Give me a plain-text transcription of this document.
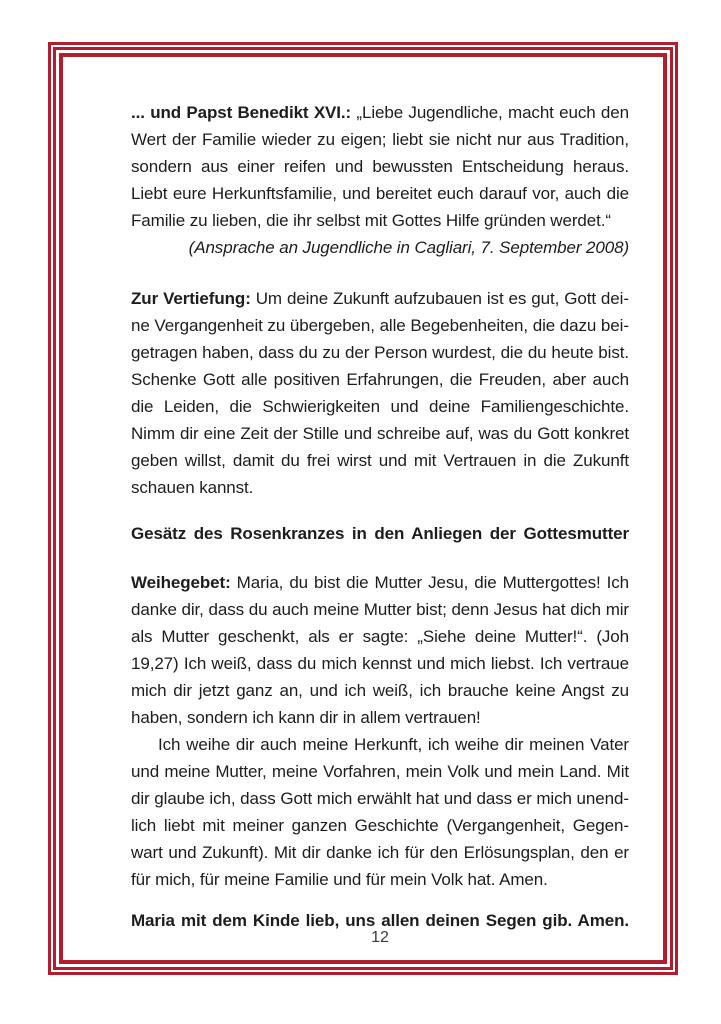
... und Papst Benedikt XVI.: „Liebe Jugendliche, macht euch den Wert der Familie wieder zu eigen; liebt sie nicht nur aus Tradition, sondern aus einer reifen und bewussten Entscheidung heraus. Liebt eure Herkunftsfamilie, und bereitet euch darauf vor, auch die Familie zu lieben, die ihr selbst mit Gottes Hilfe gründen werdet.“

(Ansprache an Jugendliche in Cagliari, 7. September 2008)

Zur Vertiefung: Um deine Zukunft aufzubauen ist es gut, Gott deine Vergangenheit zu übergeben, alle Begebenheiten, die dazu beigetragen haben, dass du zu der Person wurdest, die du heute bist. Schenke Gott alle positiven Erfahrungen, die Freuden, aber auch die Leiden, die Schwierigkeiten und deine Familiengeschichte. Nimm dir eine Zeit der Stille und schreibe auf, was du Gott konkret geben willst, damit du frei wirst und mit Vertrauen in die Zukunft schauen kannst.

Gesätz des Rosenkranzes in den Anliegen der Gottesmutter

Weihegebet: Maria, du bist die Mutter Jesu, die Muttergottes! Ich danke dir, dass du auch meine Mutter bist; denn Jesus hat dich mir als Mutter geschenkt, als er sagte: „Siehe deine Mutter!“. (Joh 19,27) Ich weiß, dass du mich kennst und mich liebst. Ich vertraue mich dir jetzt ganz an, und ich weiß, ich brauche keine Angst zu haben, sondern ich kann dir in allem vertrauen!

Ich weihe dir auch meine Herkunft, ich weihe dir meinen Vater und meine Mutter, meine Vorfahren, mein Volk und mein Land. Mit dir glaube ich, dass Gott mich erwählt hat und dass er mich unendlich liebt mit meiner ganzen Geschichte (Vergangenheit, Gegenwart und Zukunft). Mit dir danke ich für den Erlösungsplan, den er für mich, für meine Familie und für mein Volk hat. Amen.

Maria mit dem Kinde lieb, uns allen deinen Segen gib. Amen.

12
